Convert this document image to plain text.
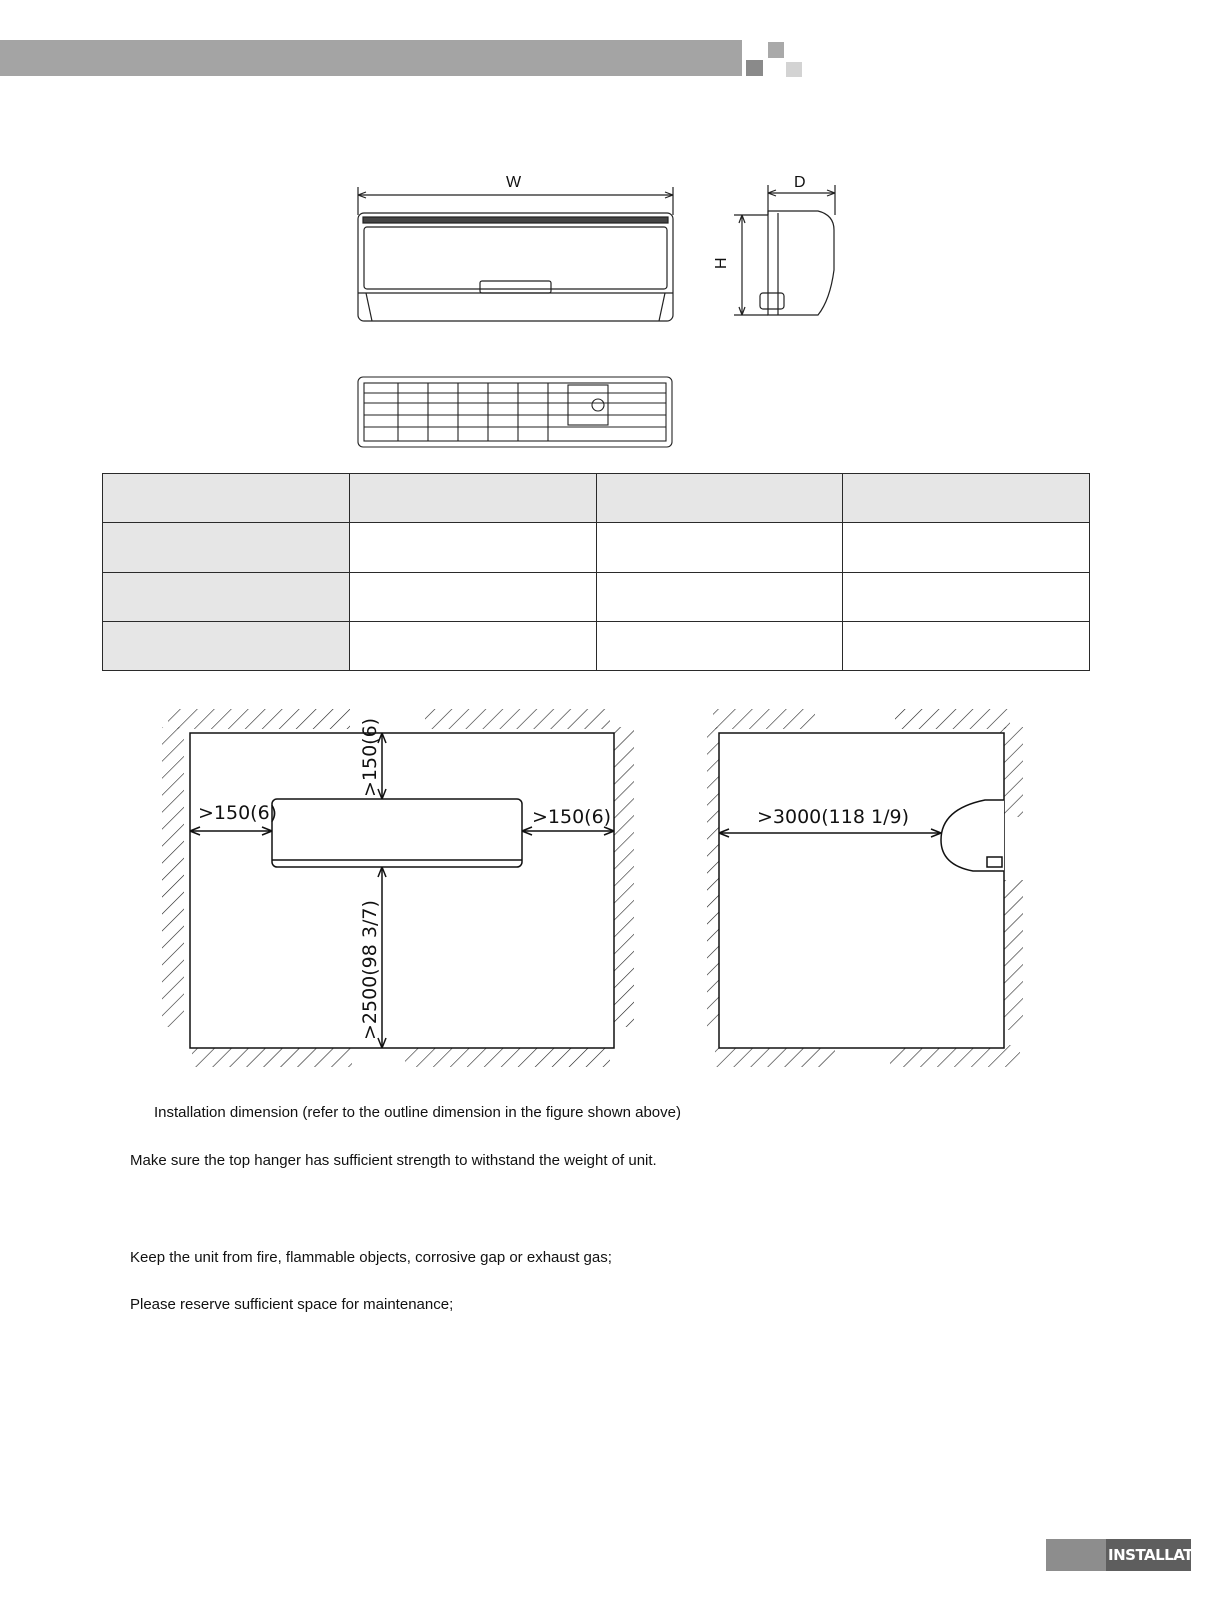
W	D
H

>150(6)
>150(6)	>150(6)
>2500(98 3/7)
>3000(118 1/9)
Installation dimension (refer to the outline dimension in the figure shown above)
Make sure the top hanger has sufficient strength to withstand the weight of unit.
Keep the unit from fire, flammable objects, corrosive gap or exhaust gas;
Please reserve sufficient space for maintenance;
INSTALLATION
